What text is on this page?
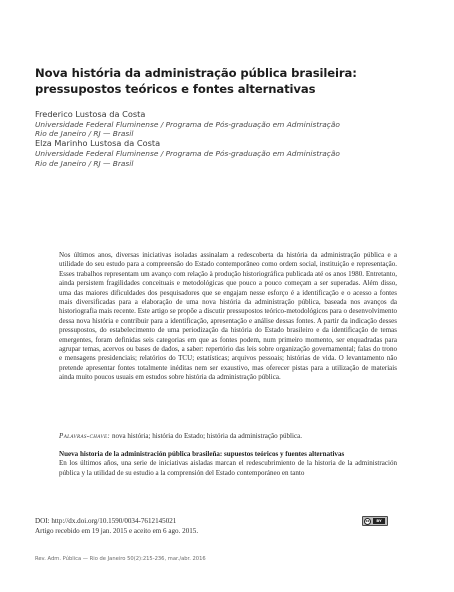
Nova história da administração pública brasileira: pressupostos teóricos e fontes alternativas
Frederico Lustosa da Costa
Universidade Federal Fluminense / Programa de Pós-graduação em Administração
Rio de Janeiro / RJ — Brasil
Elza Marinho Lustosa da Costa
Universidade Federal Fluminense / Programa de Pós-graduação em Administração
Rio de Janeiro / RJ — Brasil

Nos últimos anos, diversas iniciativas isoladas assinalam a redescoberta da história da administração pública e a utilidade do seu estudo para a compreensão do Estado contemporâneo como ordem social, instituição e representação. Esses trabalhos representam um avanço com relação à produção historiográfica publicada até os anos 1980. Entretanto, ainda persistem fragilidades conceituais e metodológicas que pouco a pouco começam a ser superadas. Além disso, uma das maiores dificuldades dos pesquisadores que se engajam nesse esforço é a identificação e o acesso a fontes mais diversificadas para a elaboração de uma nova história da administração pública, baseada nos avanços da historiografia mais recente. Este artigo se propõe a discutir pressupostos teórico-metodológicos para o desenvolvimento dessa nova história e contribuir para a identificação, apresentação e análise dessas fontes. A partir da indicação desses pressupostos, do estabelecimento de uma periodização da história do Estado brasileiro e da identificação de temas emergentes, foram definidas seis categorias em que as fontes podem, num primeiro momento, ser enquadradas para agrupar temas, acervos ou bases de dados, a saber: repertório das leis sobre organização governamental; falas do trono e mensagens presidenciais; relatórios do TCU; estatísticas; arquivos pessoais; histórias de vida. O levantamento não pretende apresentar fontes totalmente inéditas nem ser exaustivo, mas oferecer pistas para a utilização de materiais ainda muito poucos usuais em estudos sobre história da administração pública.

Palavras-chave: nova história; história do Estado; história da administração pública.
Nueva historia de la administración pública brasileña: supuestos teóricos y fuentes alternativas

En los últimos años, una serie de iniciativas aisladas marcan el redescubrimiento de la historia de la administración pública y la utilidad de su estudio a la comprensión del Estado contemporáneo en tanto

DOI: http://dx.doi.org/10.1590/0034-7612145021
Artigo recebido em 19 jan. 2015 e aceito em 6 ago. 2015.
cc	BY
Rev. Adm. Pública — Rio de Janeiro 50(2):215-236, mar./abr. 2016
